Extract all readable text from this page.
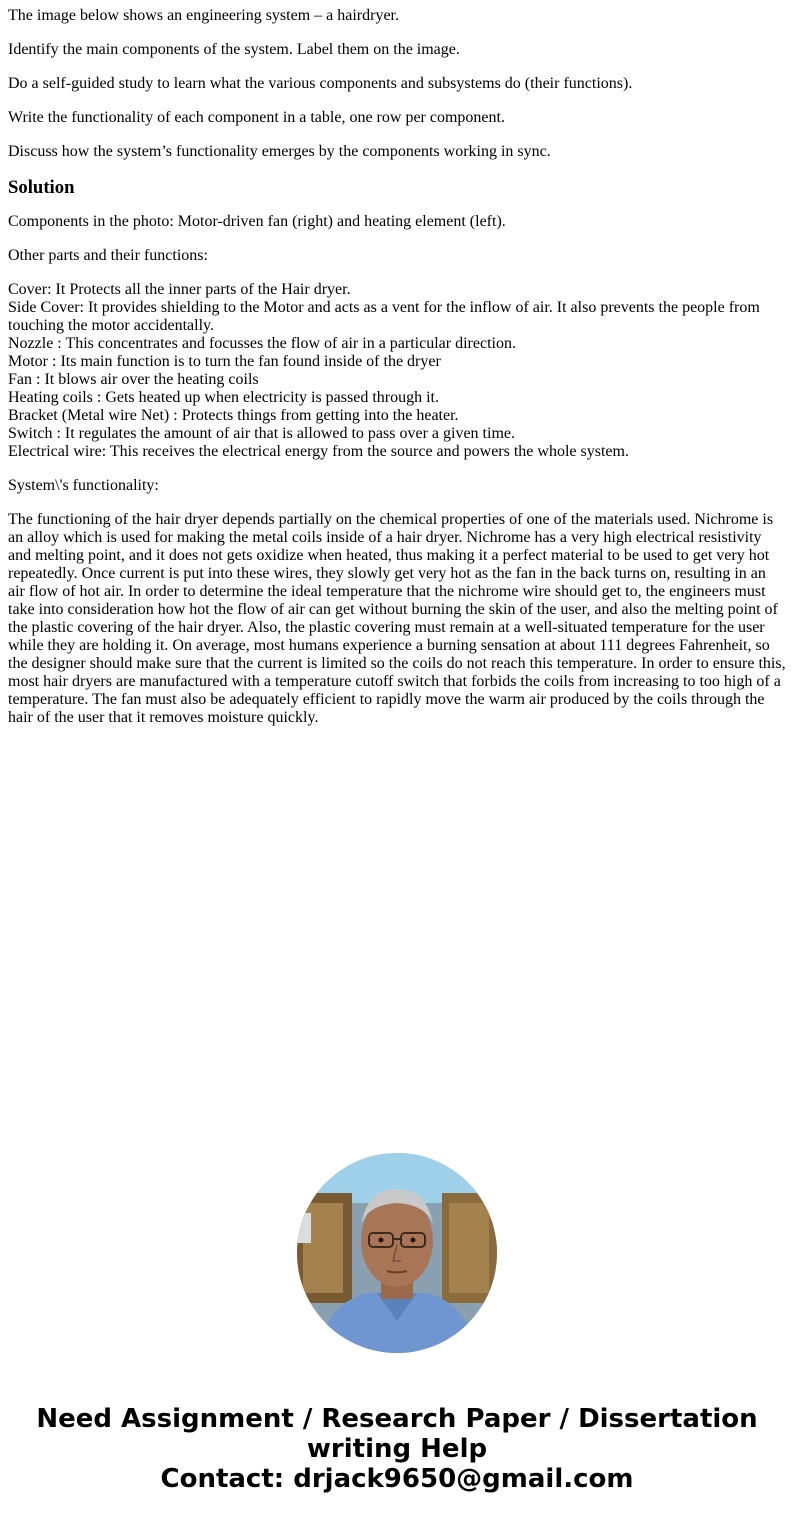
The image below shows an engineering system – a hairdryer.

Identify the main components of the system. Label them on the image.

Do a self-guided study to learn what the various components and subsystems do (their functions).

Write the functionality of each component in a table, one row per component.

Discuss how the system’s functionality emerges by the components working in sync.

Solution

Components in the photo: Motor-driven fan (right) and heating element (left).

Other parts and their functions:

Cover: It Protects all the inner parts of the Hair dryer.
Side Cover: It provides shielding to the Motor and acts as a vent for the inflow of air. It also prevents the people from touching the motor accidentally.
Nozzle : This concentrates and focusses the flow of air in a particular direction.
Motor : Its main function is to turn the fan found inside of the dryer
Fan : It blows air over the heating coils
Heating coils : Gets heated up when electricity is passed through it.
Bracket (Metal wire Net) : Protects things from getting into the heater.
Switch : It regulates the amount of air that is allowed to pass over a given time.
Electrical wire: This receives the electrical energy from the source and powers the whole system.

System\'s functionality:

The functioning of the hair dryer depends partially on the chemical properties of one of the materials used. Nichrome is an alloy which is used for making the metal coils inside of a hair dryer. Nichrome has a very high electrical resistivity and melting point, and it does not gets oxidize when heated, thus making it a perfect material to be used to get very hot repeatedly. Once current is put into these wires, they slowly get very hot as the fan in the back turns on, resulting in an air flow of hot air. In order to determine the ideal temperature that the nichrome wire should get to, the engineers must take into consideration how hot the flow of air can get without burning the skin of the user, and also the melting point of the plastic covering of the hair dryer. Also, the plastic covering must remain at a well-situated temperature for the user while they are holding it. On average, most humans experience a burning sensation at about 111 degrees Fahrenheit, so the designer should make sure that the current is limited so the coils do not reach this temperature. In order to ensure this, most hair dryers are manufactured with a temperature cutoff switch that forbids the coils from increasing to too high of a temperature. The fan must also be adequately efficient to rapidly move the warm air produced by the coils through the hair of the user that it removes moisture quickly.

Need Assignment / Research Paper / Dissertation
writing Help
Contact: drjack9650@gmail.com
